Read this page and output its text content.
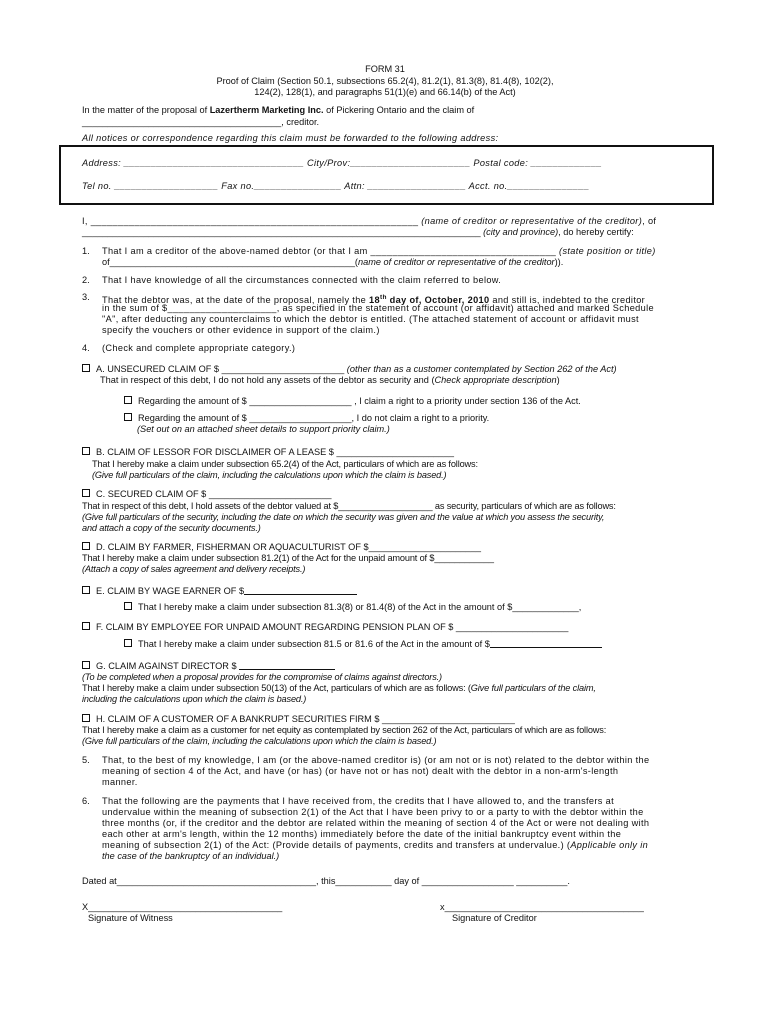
FORM 31
Proof of Claim (Section 50.1, subsections 65.2(4), 81.2(1), 81.3(8), 81.4(8), 102(2),
124(2), 128(1), and paragraphs 51(1)(e) and 66.14(b) of the Act)
In the matter of the proposal of Lazertherm Marketing Inc. of Pickering Ontario and the claim of
_______________________________________, creditor.
All notices or correspondence regarding this claim must be forwarded to the following address:
Address: _________________________________ City/Prov:______________________ Postal code: _____________
Tel no. ___________________ Fax no.________________ Attn: __________________ Acct. no._______________
I, ____________________________________________________________ (name of creditor or representative of the creditor), of
______________________________________________________________________________ (city and province), do hereby certify:
1. That I am a creditor of the above-named debtor (or that I am __________________________________ (state position or title)
of________________________________________________(name of creditor or representative of the creditor)).
2. That I have knowledge of all the circumstances connected with the claim referred to below.
3. That the debtor was, at the date of the proposal, namely the 18th day of, October, 2010 and still is, indebted to the creditor
in the sum of $____________________, as specified in the statement of account (or affidavit) attached and marked Schedule
"A", after deducting any counterclaims to which the debtor is entitled. (The attached statement of account or affidavit must
specify the vouchers or other evidence in support of the claim.)
4. (Check and complete appropriate category.)
A. UNSECURED CLAIM OF $ ________________________ (other than as a customer contemplated by Section 262 of the Act)
That in respect of this debt, I do not hold any assets of the debtor as security and (Check appropriate description)
Regarding the amount of $ ____________________ , I claim a right to a priority under section 136 of the Act.
Regarding the amount of $ ____________________, I do not claim a right to a priority.
(Set out on an attached sheet details to support priority claim.)
B. CLAIM OF LESSOR FOR DISCLAIMER OF A LEASE $ _______________________
That I hereby make a claim under subsection 65.2(4) of the Act, particulars of which are as follows:
(Give full particulars of the claim, including the calculations upon which the claim is based.)
C. SECURED CLAIM OF $ ________________________
That in respect of this debt, I hold assets of the debtor valued at $___________________ as security, particulars of which are as follows:
(Give full particulars of the security, including the date on which the security was given and the value at which you assess the security,
and attach a copy of the security documents.)
D. CLAIM BY FARMER, FISHERMAN OR AQUACULTURIST OF $______________________
That I hereby make a claim under subsection 81.2(1) of the Act for the unpaid amount of $____________
(Attach a copy of sales agreement and delivery receipts.)
E. CLAIM BY WAGE EARNER OF $
That I hereby make a claim under subsection 81.3(8) or 81.4(8) of the Act in the amount of $_____________,
F. CLAIM BY EMPLOYEE FOR UNPAID AMOUNT REGARDING PENSION PLAN OF $ ______________________
That I hereby make a claim under subsection 81.5 or 81.6 of the Act in the amount of $
G. CLAIM AGAINST DIRECTOR $
(To be completed when a proposal provides for the compromise of claims against directors.)
That I hereby make a claim under subsection 50(13) of the Act, particulars of which are as follows: (Give full particulars of the claim,
including the calculations upon which the claim is based.)
H. CLAIM OF A CUSTOMER OF A BANKRUPT SECURITIES FIRM $ __________________________
That I hereby make a claim as a customer for net equity as contemplated by section 262 of the Act, particulars of which are as follows:
(Give full particulars of the claim, including the calculations upon which the claim is based.)
5. That, to the best of my knowledge, I am (or the above-named creditor is) (or am not or is not) related to the debtor within the
meaning of section 4 of the Act, and have (or has) (or have not or has not) dealt with the debtor in a non-arm's-length
manner.
6. That the following are the payments that I have received from, the credits that I have allowed to, and the transfers at
undervalue within the meaning of subsection 2(1) of the Act that I have been privy to or a party to with the debtor within the
three months (or, if the creditor and the debtor are related within the meaning of section 4 of the Act or were not dealing with
each other at arm's length, within the 12 months) immediately before the date of the initial bankruptcy event within the
meaning of subsection 2(1) of the Act: (Provide details of payments, credits and transfers at undervalue.) (Applicable only in
the case of the bankruptcy of an individual.)
Dated at_______________________________________, this___________ day of __________________ __________.
X______________________________________
Signature of Witness
x_______________________________________
Signature of Creditor
